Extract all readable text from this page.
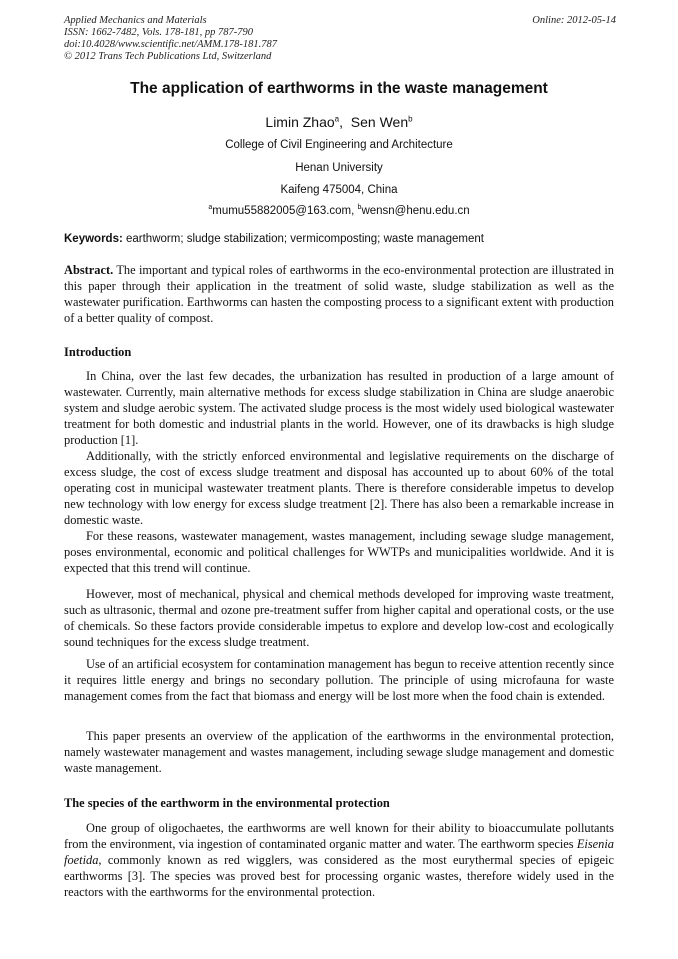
Applied Mechanics and Materials
ISSN: 1662-7482, Vols. 178-181, pp 787-790
doi:10.4028/www.scientific.net/AMM.178-181.787
© 2012 Trans Tech Publications Ltd, Switzerland
Online: 2012-05-14
The application of earthworms in the waste management
Limin Zhao$^a$,  Sen Wen$^b$
College of Civil Engineering and Architecture
Henan University
Kaifeng 475004, China
$^a$mumu55882005@163.com, $^b$wensn@henu.edu.cn
Keywords: earthworm; sludge stabilization; vermicomposting; waste management

Abstract. The important and typical roles of earthworms in the eco-environmental protection are illustrated in this paper through their application in the treatment of solid waste, sludge stabilization as well as the wastewater purification. Earthworms can hasten the composting process to a significant extent with production of a better quality of compost.

Introduction

In China, over the last few decades, the urbanization has resulted in production of a large amount of wastewater. Currently, main alternative methods for excess sludge stabilization in China are sludge anaerobic system and sludge aerobic system. The activated sludge process is the most widely used biological wastewater treatment for both domestic and industrial plants in the world. However, one of its drawbacks is high sludge production [1].

Additionally, with the strictly enforced environmental and legislative requirements on the discharge of excess sludge, the cost of excess sludge treatment and disposal has accounted up to about 60% of the total operating cost in municipal wastewater treatment plants. There is therefore considerable impetus to develop new technology with low energy for excess sludge treatment [2]. There has also been a remarkable increase in domestic waste.

For these reasons, wastewater management, wastes management, including sewage sludge management, poses environmental, economic and political challenges for WWTPs and municipalities worldwide. And it is expected that this trend will continue.

However, most of mechanical, physical and chemical methods developed for improving waste treatment, such as ultrasonic, thermal and ozone pre-treatment suffer from higher capital and operational costs, or the use of chemicals. So these factors provide considerable impetus to explore and develop low-cost and ecologically sound techniques for the excess sludge treatment.

Use of an artificial ecosystem for contamination management has begun to receive attention recently since it requires little energy and brings no secondary pollution. The principle of using microfauna for waste management comes from the fact that biomass and energy will be lost more when the food chain is extended.

This paper presents an overview of the application of the earthworms in the environmental protection, namely wastewater management and wastes management, including sewage sludge management and domestic waste management.

The species of the earthworm in the environmental protection

One group of oligochaetes, the earthworms are well known for their ability to bioaccumulate pollutants from the environment, via ingestion of contaminated organic matter and water. The earthworm species Eisenia foetida, commonly known as red wigglers, was considered as the most eurythermal species of epigeic earthworms [3]. The species was proved best for processing organic wastes, therefore widely used in the reactors with the earthworms for the environmental protection.
